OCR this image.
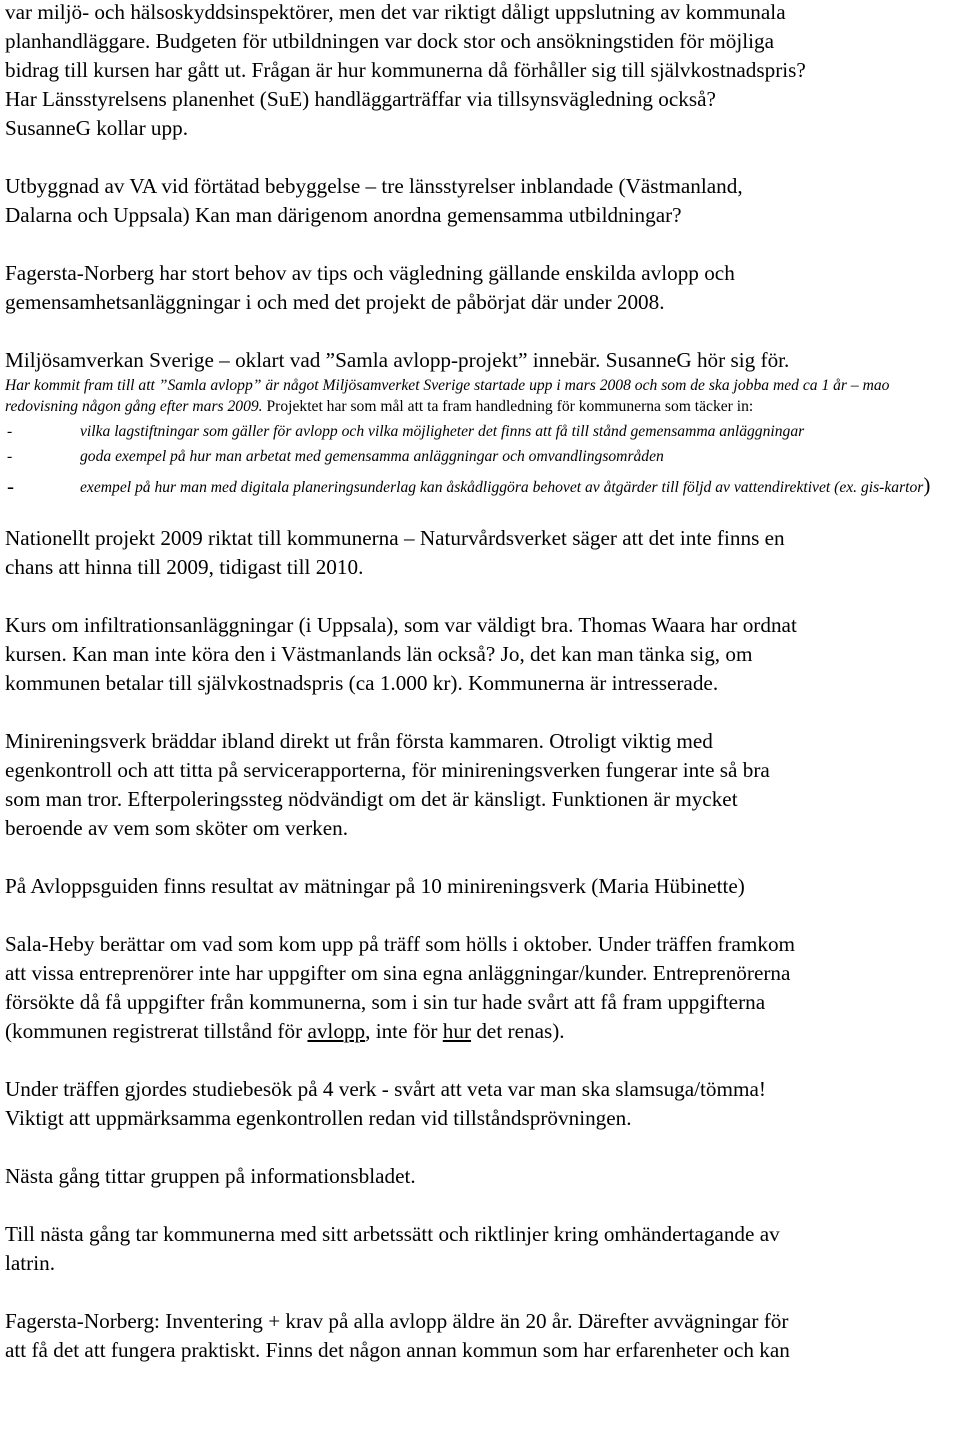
var miljö- och hälsoskyddsinspektörer, men det var riktigt dåligt uppslutning av kommunala
planhandläggare. Budgeten för utbildningen var dock stor och ansökningstiden för möjliga
bidrag till kursen har gått ut. Frågan är hur kommunerna då förhåller sig till självkostnadspris?
Har Länsstyrelsens planenhet (SuE) handläggarträffar via tillsynsvägledning också?
SusanneG kollar upp.
Utbyggnad av VA vid förtätad bebyggelse – tre länsstyrelser inblandade (Västmanland,
Dalarna och Uppsala) Kan man därigenom anordna gemensamma utbildningar?
Fagersta-Norberg har stort behov av tips och vägledning gällande enskilda avlopp och
gemensamhetsanläggningar i och med det projekt de påbörjat där under 2008.
Miljösamverkan Sverige – oklart vad ”Samla avlopp-projekt” innebär. SusanneG hör sig för.

Har kommit fram till att ”Samla avlopp” är något Miljösamverket Sverige startade upp i mars 2008 och som de ska jobba med ca 1 år – mao redovisning någon gång efter mars 2009. Projektet har som mål att ta fram handledning för kommunerna som täcker in:

-	vilka lagstiftningar som gäller för avlopp och vilka möjligheter det finns att få till stånd gemensamma anläggningar
-	goda exempel på hur man arbetat med gemensamma anläggningar och omvandlingsområden
-	exempel på hur man med digitala planeringsunderlag kan åskådliggöra behovet av åtgärder till följd av vattendirektivet (ex. gis-kartor)
Nationellt projekt 2009 riktat till kommunerna – Naturvårdsverket säger att det inte finns en
chans att hinna till 2009, tidigast till 2010.
Kurs om infiltrationsanläggningar (i Uppsala), som var väldigt bra. Thomas Waara har ordnat
kursen. Kan man inte köra den i Västmanlands län också? Jo, det kan man tänka sig, om
kommunen betalar till självkostnadspris (ca 1.000 kr). Kommunerna är intresserade.
Minireningsverk bräddar ibland direkt ut från första kammaren. Otroligt viktig med
egenkontroll och att titta på servicerapporterna, för minireningsverken fungerar inte så bra
som man tror. Efterpoleringssteg nödvändigt om det är känsligt. Funktionen är mycket
beroende av vem som sköter om verken.
På Avloppsguiden finns resultat av mätningar på 10 minireningsverk (Maria Hübinette)
Sala-Heby berättar om vad som kom upp på träff som hölls i oktober. Under träffen framkom
att vissa entreprenörer inte har uppgifter om sina egna anläggningar/kunder. Entreprenörerna
försökte då få uppgifter från kommunerna, som i sin tur hade svårt att få fram uppgifterna
(kommunen registrerat tillstånd för avlopp, inte för hur det renas).
Under träffen gjordes studiebesök på 4 verk - svårt att veta var man ska slamsuga/tömma!
Viktigt att uppmärksamma egenkontrollen redan vid tillståndsprövningen.
Nästa gång tittar gruppen på informationsbladet.
Till nästa gång tar kommunerna med sitt arbetssätt och riktlinjer kring omhändertagande av
latrin.
Fagersta-Norberg: Inventering + krav på alla avlopp äldre än 20 år. Därefter avvägningar för
att få det att fungera praktiskt. Finns det någon annan kommun som har erfarenheter och kan
